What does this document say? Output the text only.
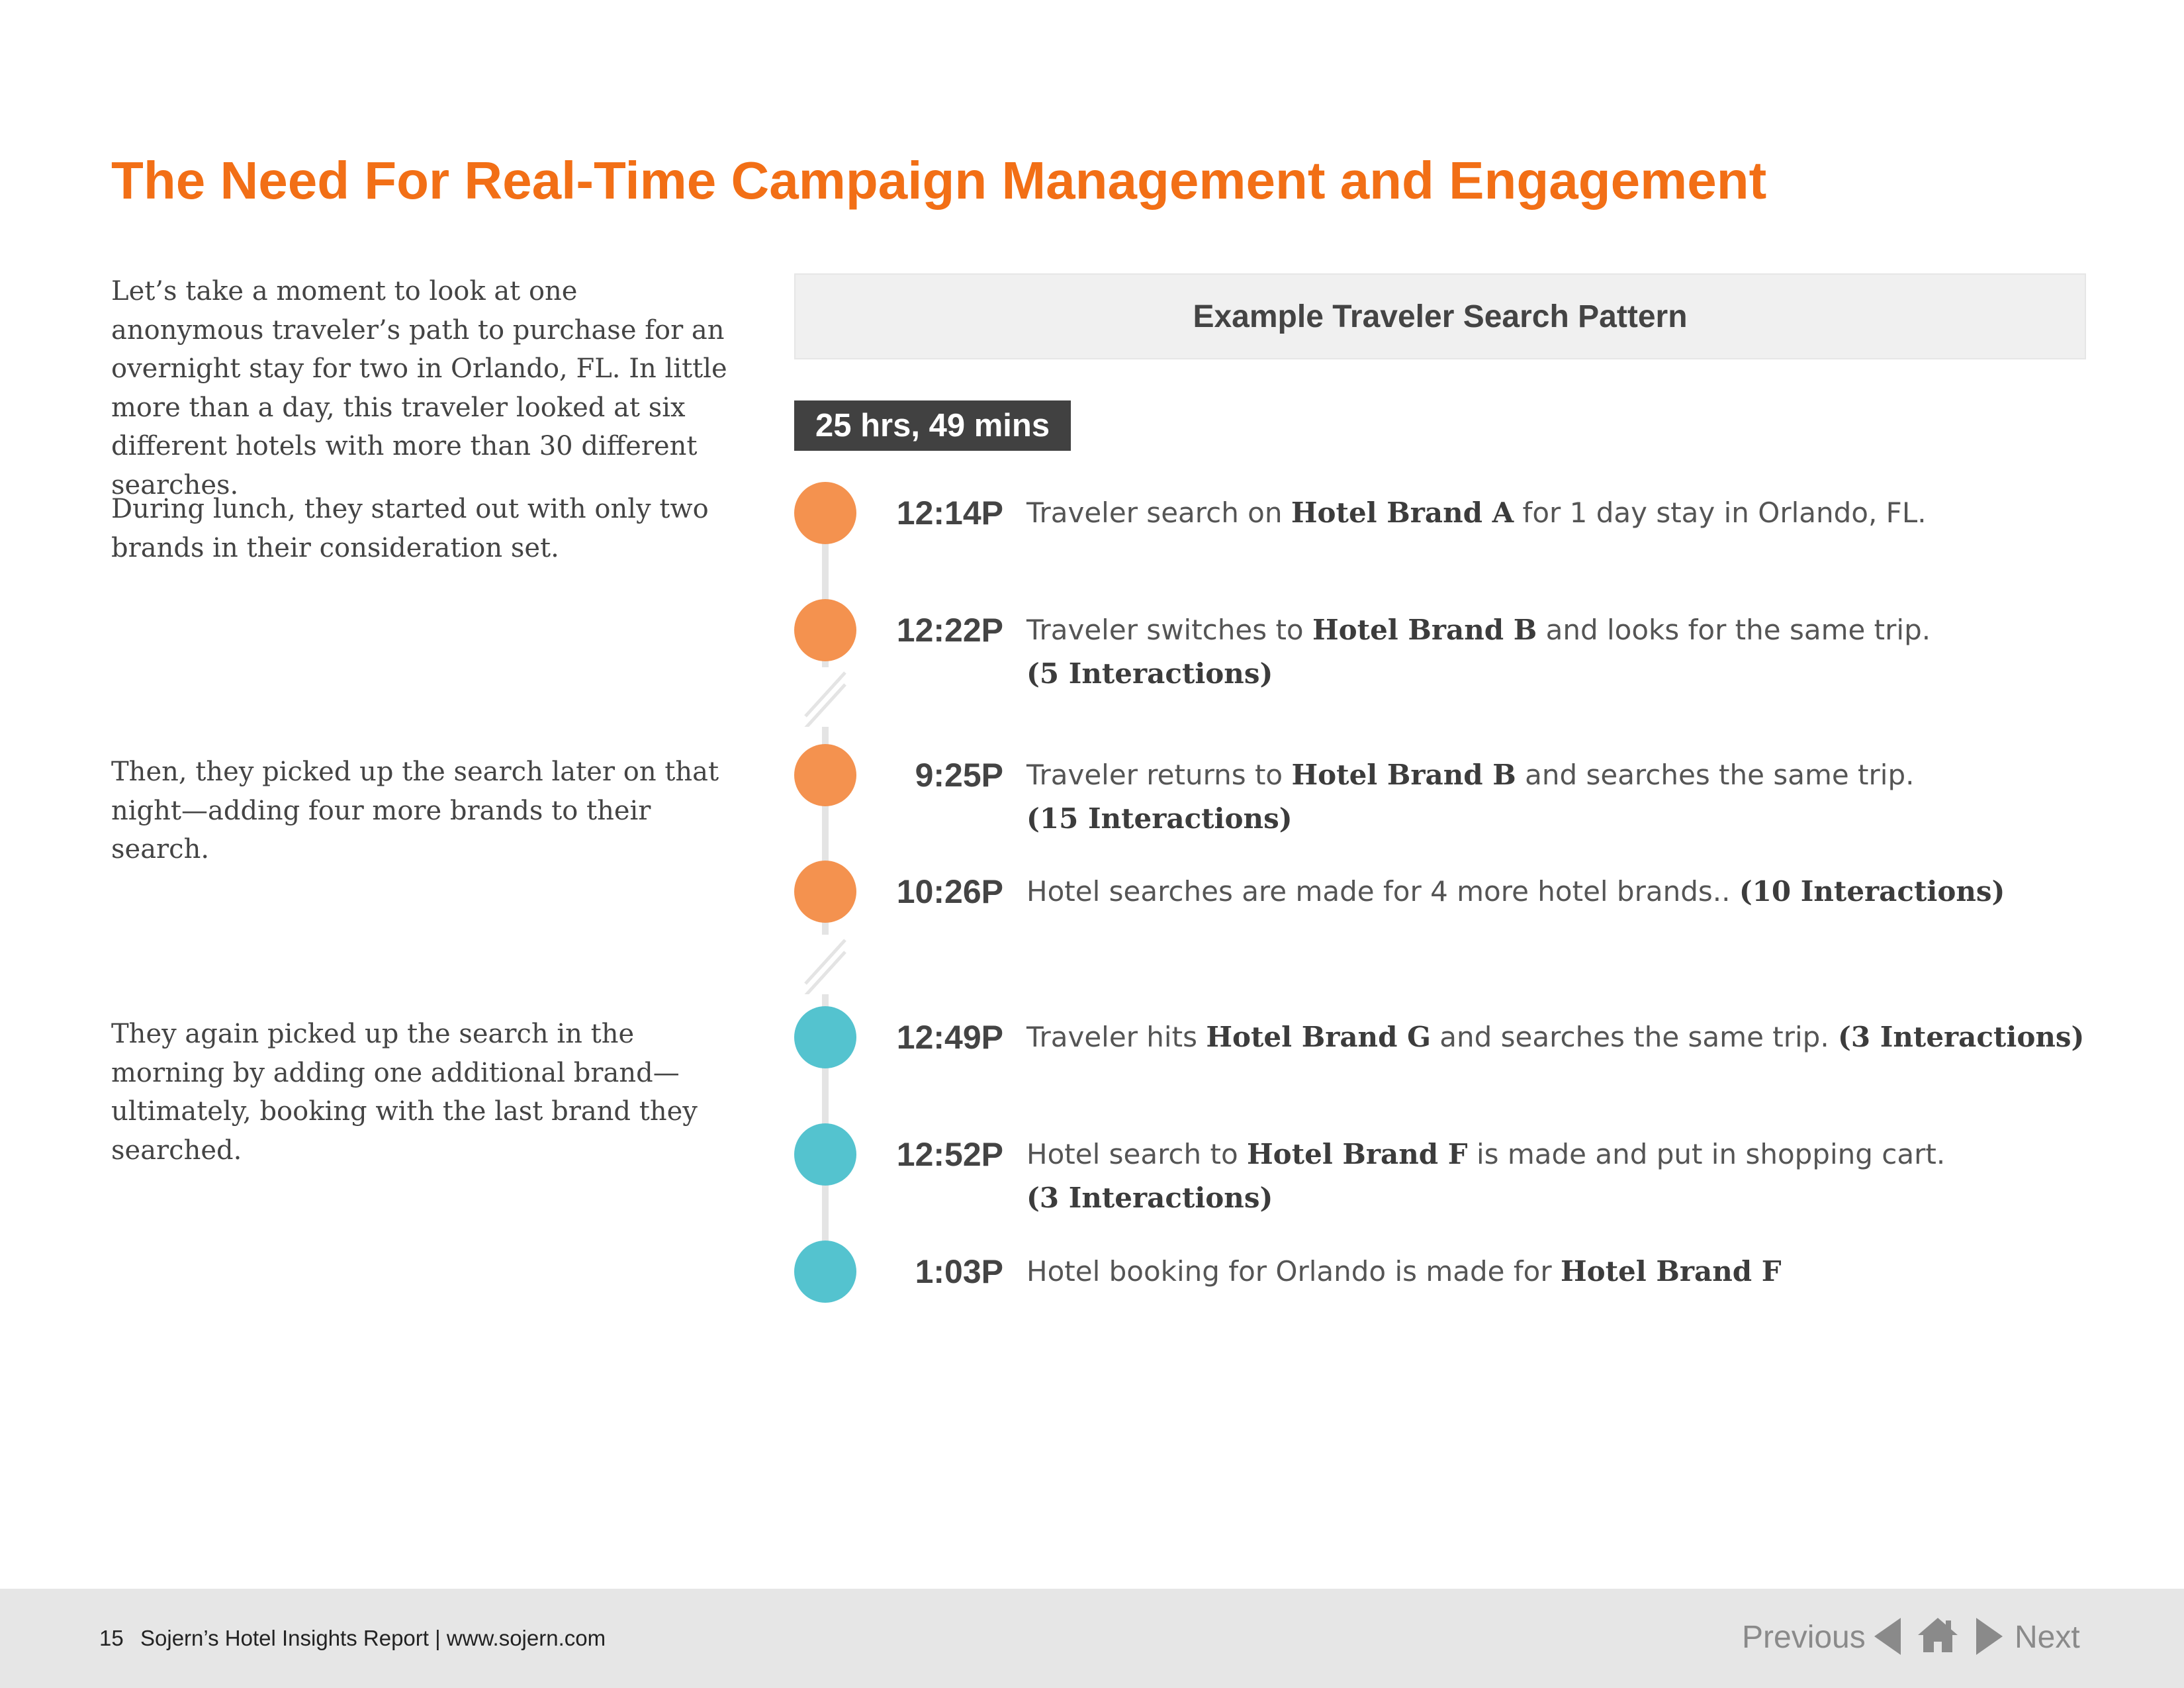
The Need For Real-Time Campaign Management and Engagement

Let’s take a moment to look at one anonymous traveler’s path to purchase for an overnight stay for two in Orlando, FL. In little more than a day, this traveler looked at six different hotels with more than 30 different searches.

During lunch, they started out with only two brands in their consideration set.

Then, they picked up the search later on that night—adding four more brands to their search.

They again picked up the search in the morning by adding one additional brand—ultimately, booking with the last brand they searched.

Example Traveler Search Pattern
25 hrs, 49 mins
12:14P Traveler search on Hotel Brand A for 1 day stay in Orlando, FL.
12:22P Traveler switches to Hotel Brand B and looks for the same trip.
(5 Interactions)
9:25P Traveler returns to Hotel Brand B and searches the same trip.
(15 Interactions)
10:26P Hotel searches are made for 4 more hotel brands.. (10 Interactions)
12:49P Traveler hits Hotel Brand G and searches the same trip. (3 Interactions)
12:52P Hotel search to Hotel Brand F is made and put in shopping cart.
(3 Interactions)
1:03P Hotel booking for Orlando is made for Hotel Brand F
15 Sojern’s Hotel Insights Report | www.sojern.com	Previous	Next
